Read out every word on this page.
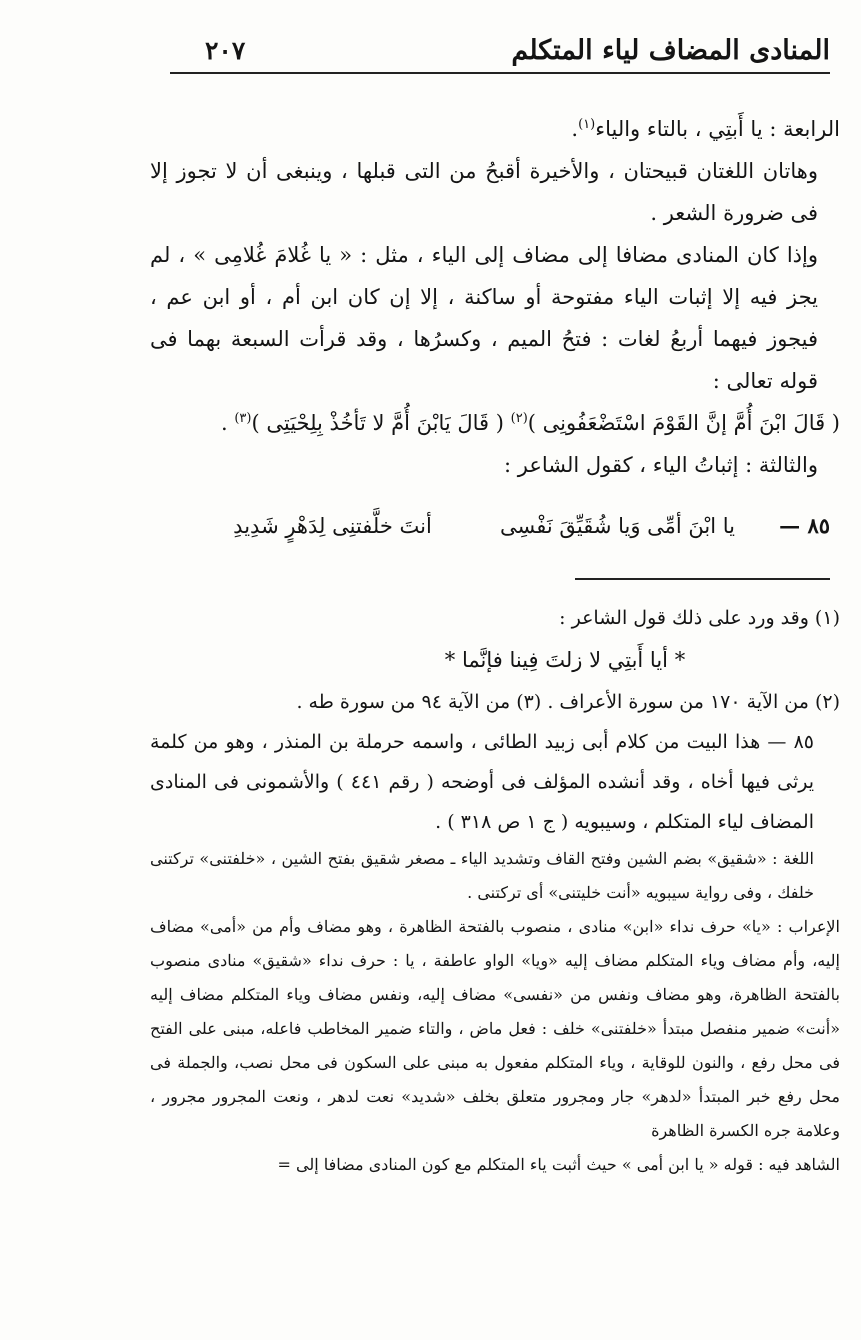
المنادى المضاف لياء المتكلم
٢٠٧

الرابعة : يا أَبتِي ، بالتاء والياء$^{(١)}$.

وهاتان اللغتان قبيحتان ، والأخيرة أقبحُ من التى قبلها ، وينبغى أن لا تجوز إلا فى ضرورة الشعر .

وإذا كان المنادى مضافا إلى مضاف إلى الياء ، مثل : « يا غُلامَ غُلامِى » ، لم يجز فيه إلا إثبات الياء مفتوحة أو ساكنة ، إلا إن كان ابن أم ، أو ابن عم ، فيجوز فيهما أربعُ لغات : فتحُ الميم ، وكسرُها ، وقد قرأت السبعة بهما فى قوله تعالى :

( قَالَ ابْنَ أُمَّ إنَّ القَوْمَ اسْتَضْعَفُونِى )$^{(٢)}$ ( قَالَ يَابْنَ أُمَّ لا تَأخُذْ بِلِحْيَتِى )$^{(٣)}$ .

والثالثة : إثباتُ الياء ، كقول الشاعر :

٨٥ —
يا ابْنَ أمِّى وَيا شُقَيِّقَ نَفْسِى
أنتَ خلَّفتنِى لِدَهْرٍ شَدِيدِ

(١) وقد ورد على ذلك قول الشاعر :

* أيا أَبتِي لا زلتَ فِينا فإنَّما *

(٢) من الآية ١٧٠ من سورة الأعراف . (٣) من الآية ٩٤ من سورة طه .

٨٥ — هذا البيت من كلام أبى زبيد الطائى ، واسمه حرملة بن المنذر ، وهو من كلمة يرثى فيها أخاه ، وقد أنشده المؤلف فى أوضحه ( رقم ٤٤١ ) والأشمونى فى المنادى المضاف لياء المتكلم ، وسيبويه ( ج ١ ص ٣١٨ ) .

اللغة : «شقيق» بضم الشين وفتح القاف وتشديد الياء ـ مصغر شقيق بفتح الشين ، «خلفتنى» تركتنى خلفك ، وفى رواية سيبويه «أنت خليتنى» أى تركتنى .

الإعراب : «يا» حرف نداء «ابن» منادى ، منصوب بالفتحة الظاهرة ، وهو مضاف وأم من «أمى» مضاف إليه، وأم مضاف وياء المتكلم مضاف إليه «ويا» الواو عاطفة ، يا : حرف نداء «شقيق» منادى منصوب بالفتحة الظاهرة، وهو مضاف ونفس من «نفسى» مضاف إليه، ونفس مضاف وياء المتكلم مضاف إليه «أنت» ضمير منفصل مبتدأ «خلفتنى» خلف : فعل ماض ، والتاء ضمير المخاطب فاعله، مبنى على الفتح فى محل رفع ، والنون للوقاية ، وياء المتكلم مفعول به مبنى على السكون فى محل نصب، والجملة فى محل رفع خبر المبتدأ «لدهر» جار ومجرور متعلق بخلف «شديد» نعت لدهر ، ونعت المجرور مجرور ، وعلامة جره الكسرة الظاهرة

الشاهد فيه : قوله « يا ابن أمى » حيث أثبت ياء المتكلم مع كون المنادى مضافا إلى =
